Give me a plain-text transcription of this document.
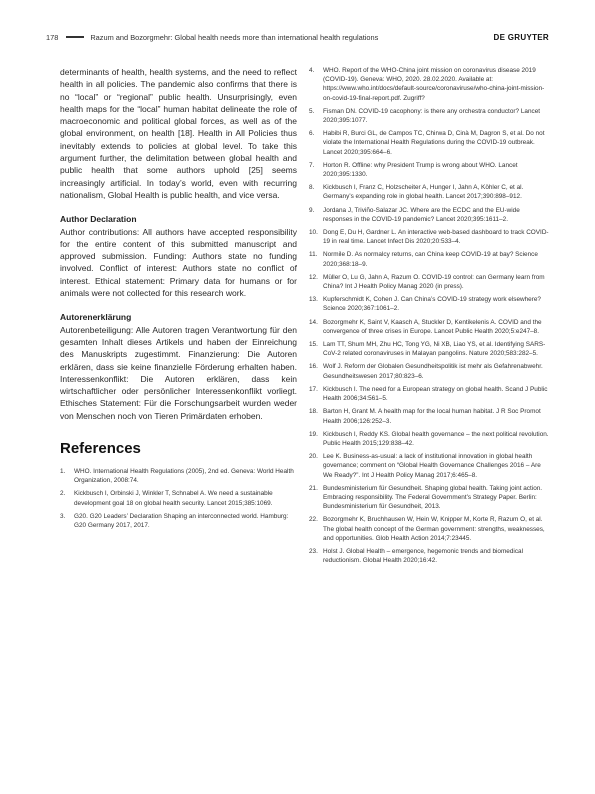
178	Razum and Bozorgmehr: Global health needs more than international health regulations	DE GRUYTER

determinants of health, health systems, and the need to reflect health in all policies. The pandemic also confirms that there is no “local” or “regional” public health. Unsurprisingly, even health maps for the “local” human habitat delineate the role of macroeconomic and political global forces, as well as of the global environment, on health [18]. Health in All Policies thus inevitably extends to policies at global level. To take this argument further, the delimitation between global health and public health that some authors uphold [25] seems increasingly artificial. In today’s world, even with recurring nationalism, Global Health is public health, and vice versa.

Author Declaration

Author contributions: All authors have accepted responsibility for the entire content of this submitted manuscript and approved submission. Funding: Authors state no funding involved. Conflict of interest: Authors state no conflict of interest. Ethical statement: Primary data for humans or for animals were not collected for this research work.

Autorenerklärung

Autorenbeteiligung: Alle Autoren tragen Verantwortung für den gesamten Inhalt dieses Artikels und haben der Einreichung des Manuskripts zugestimmt. Finanzierung: Die Autoren erklären, dass sie keine finanzielle Förderung erhalten haben. Interessenkonflikt: Die Autoren erklären, dass kein wirtschaftlicher oder persönlicher Interessenkonflikt vorliegt. Ethisches Statement: Für die Forschungsarbeit wurden weder von Menschen noch von Tieren Primärdaten erhoben.

References
1.	WHO. International Health Regulations (2005), 2nd ed. Geneva: World Health Organization, 2008:74.
2.	Kickbusch I, Orbinski J, Winkler T, Schnabel A. We need a sustainable development goal 18 on global health security. Lancet 2015;385:1069.
3.	G20. G20 Leaders’ Declaration Shaping an interconnected world. Hamburg: G20 Germany 2017, 2017.
4.	WHO. Report of the WHO-China joint mission on coronavirus disease 2019 (COVID-19). Geneva: WHO, 2020. 28.02.2020. Available at: https://www.who.int/docs/default-source/coronaviruse/who-china-joint-mission-on-covid-19-final-report.pdf. Zugriff?
5.	Fisman DN. COVID-19 cacophony: is there any orchestra conductor? Lancet 2020;395:1077.
6.	Habibi R, Burci GL, de Campos TC, Chirwa D, Cinà M, Dagron S, et al. Do not violate the International Health Regulations during the COVID-19 outbreak. Lancet 2020;395:664–6.
7.	Horton R. Offline: why President Trump is wrong about WHO. Lancet 2020;395:1330.
8.	Kickbusch I, Franz C, Holzscheiter A, Hunger I, Jahn A, Köhler C, et al. Germany’s expanding role in global health. Lancet 2017;390:898–912.
9.	Jordana J, Triviño-Salazar JC. Where are the ECDC and the EU-wide responses in the COVID-19 pandemic? Lancet 2020;395:1611–2.
10. Dong E, Du H, Gardner L. An interactive web-based dashboard to track COVID-19 in real time. Lancet Infect Dis 2020;20:533–4.
11. Normile D. As normalcy returns, can China keep COVID-19 at bay? Science 2020;368:18–9.
12. Müller O, Lu G, Jahn A, Razum O. COVID-19 control: can Germany learn from China? Int J Health Policy Manag 2020 (in press).
13. Kupferschmidt K, Cohen J. Can China’s COVID-19 strategy work elsewhere? Science 2020;367:1061–2.
14. Bozorgmehr K, Saint V, Kaasch A, Stuckler D, Kentikelenis A. COVID and the convergence of three crises in Europe. Lancet Public Health 2020;5:e247–8.
15. Lam TT, Shum MH, Zhu HC, Tong YG, Ni XB, Liao YS, et al. Identifying SARS-CoV-2 related coronaviruses in Malayan pangolins. Nature 2020;583:282–5.
16. Wolf J. Reform der Globalen Gesundheitspolitik ist mehr als Gefahrenabwehr. Gesundheitswesen 2017;80:823–6.
17. Kickbusch I. The need for a European strategy on global health. Scand J Public Health 2006;34:561–5.
18. Barton H, Grant M. A health map for the local human habitat. J R Soc Promot Health 2006;126:252–3.
19. Kickbusch I, Reddy KS. Global health governance – the next political revolution. Public Health 2015;129:838–42.
20. Lee K. Business-as-usual: a lack of institutional innovation in global health governance; comment on “Global Health Governance Challenges 2016 – Are We Ready?”. Int J Health Policy Manag 2017;6:465–8.
21. Bundesministerium für Gesundheit. Shaping global health. Taking joint action. Embracing responsibility. The Federal Government’s Strategy Paper. Berlin: Bundesministerium für Gesundheit, 2013.
22. Bozorgmehr K, Bruchhausen W, Hein W, Knipper M, Korte R, Razum O, et al. The global health concept of the German government: strengths, weaknesses, and opportunities. Glob Health Action 2014;7:23445.
23. Holst J. Global Health – emergence, hegemonic trends and biomedical reductionism. Global Health 2020;16:42.
